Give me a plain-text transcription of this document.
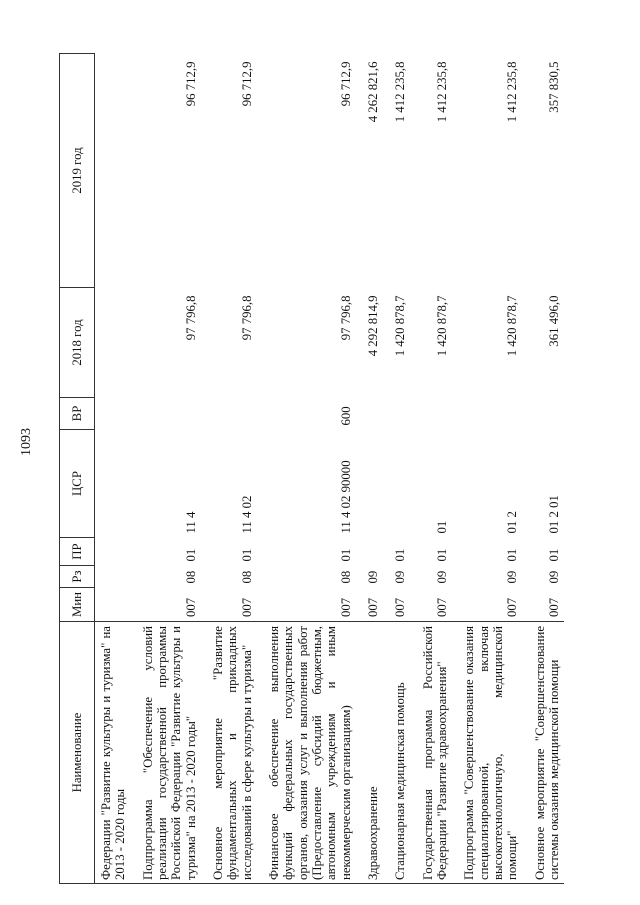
1093
Наименование	Мин	Рз	ПР	ЦСР	ВР	2018 год	2019 год
Федерации "Развитие культуры и туризма" на 2013 - 2020 годы							

Подпрограмма "Обеспечение условий реализации государственной программы Российской Федерации "Развитие культуры и туризма" на 2013 - 2020 годы"	007	08	01	11 4		97 796,8	96 712,9

Основное мероприятие "Развитие фундаментальных и прикладных исследований в сфере культуры и туризма"	007	08	01	11 4 02		97 796,8	96 712,9

Финансовое обеспечение выполнения функций федеральных государственных органов, оказания услуг и выполнения работ (Предоставление субсидий бюджетным, автономным учреждениям и иным некоммерческим организациям)	007	08	01	11 4 02 90000	600	97 796,8	96 712,9

Здравоохранение	007	09				4 292 814,9	4 262 821,6

Стационарная медицинская помощь	007	09	01			1 420 878,7	1 412 235,8

Государственная программа Российской Федерации "Развитие здравоохранения"	007	09	01	01		1 420 878,7	1 412 235,8

Подпрограмма "Совершенствование оказания специализированной, включая высокотехнологичную, медицинской помощи"	007	09	01	01 2		1 420 878,7	1 412 235,8

Основное мероприятие "Совершенствование системы оказания медицинской помощи	007	09	01	01 2 01		361 496,0	357 830,5
